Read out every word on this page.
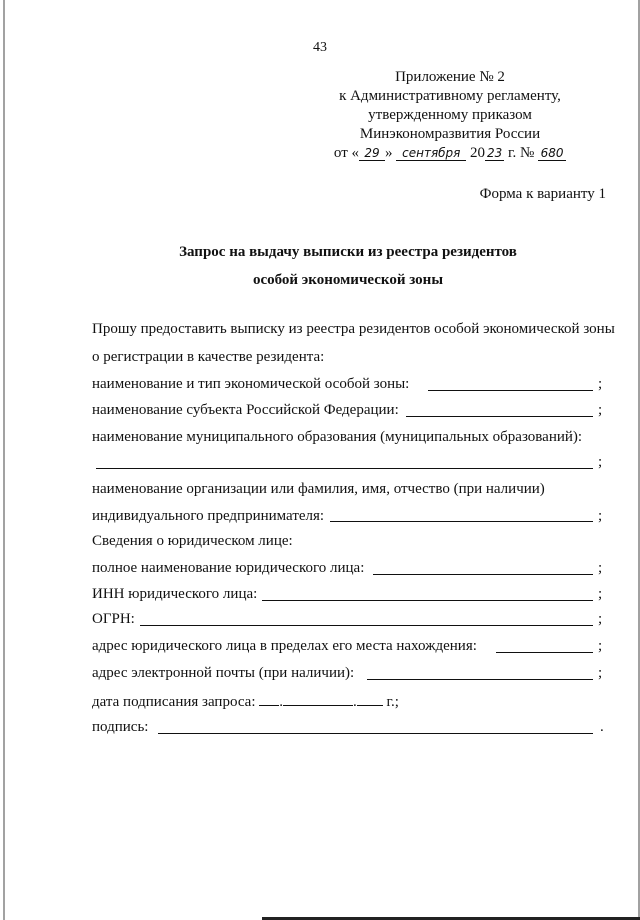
43
Приложение № 2
к Административному регламенту,
утвержденному приказом
Минэкономразвития России
от « 29 » сентября 20 23 г. № 680
Форма к варианту 1
Запрос на выдачу выписки из реестра резидентов
особой экономической зоны
Прошу предоставить выписку из реестра резидентов особой экономической зоны
о регистрации в качестве резидента:
наименование и тип экономической особой зоны:	;
наименование субъекта Российской Федерации:	;
наименование муниципального образования (муниципальных образований):
;
наименование организации или фамилия, имя, отчество (при наличии)
индивидуального предпринимателя:	;
Сведения о юридическом лице:
полное наименование юридического лица:	;
ИНН юридического лица:	;
ОГРН:	;
адрес юридического лица в пределах его места нахождения:	;
адрес электронной почты (при наличии):	;
дата подписания запроса: .	. г.;
подпись:	.
